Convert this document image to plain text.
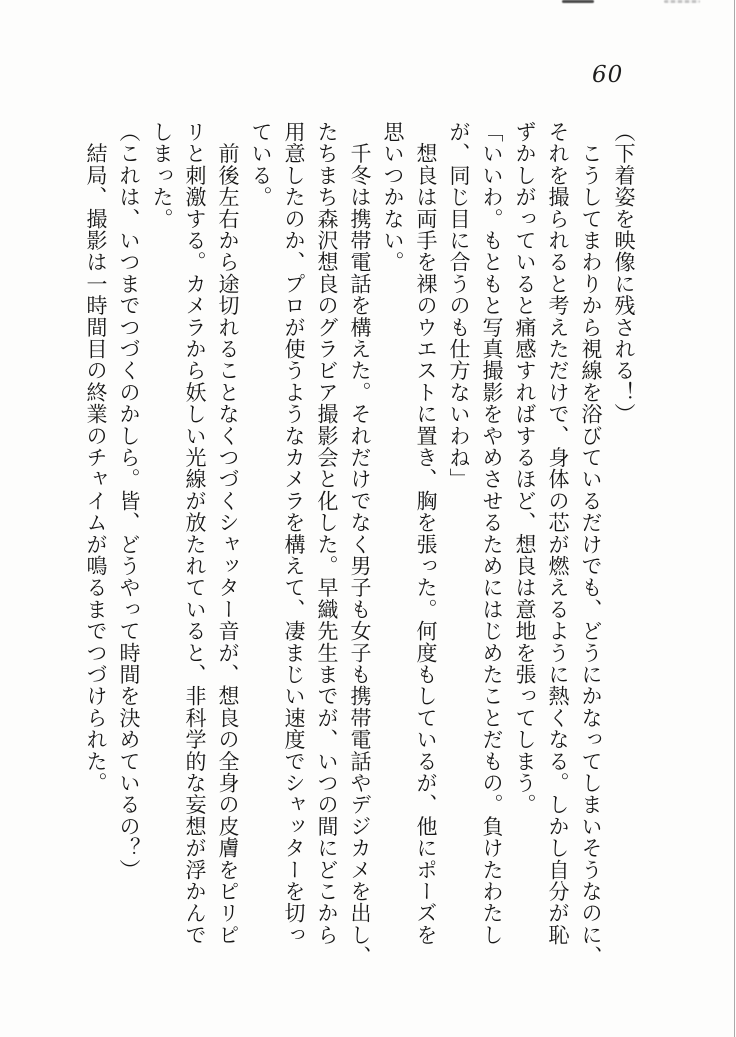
60
（下着姿を映像に残される！）
　こうしてまわりから視線を浴びているだけでも、どうにかなってしまいそうなのに、
それを撮られると考えただけで、身体の芯が燃えるように熱くなる。しかし自分が恥
ずかしがっていると痛感すればするほど、想良は意地を張ってしまう。
「いいわ。もともと写真撮影をやめさせるためにはじめたことだもの。負けたわたし
が、同じ目に合うのも仕方ないわね」
　想良は両手を裸のウエストに置き、胸を張った。何度もしているが、他にポーズを
思いつかない。
　千冬は携帯電話を構えた。それだけでなく男子も女子も携帯電話やデジカメを出し、
たちまち森沢想良のグラビア撮影会と化した。早織先生までが、いつの間にどこから
用意したのか、プロが使うようなカメラを構えて、凄まじい速度でシャッターを切っ
ている。
　前後左右から途切れることなくつづくシャッター音が、想良の全身の皮膚をピリピ
リと刺激する。カメラから妖しい光線が放たれていると、非科学的な妄想が浮かんで
しまった。
（これは、いつまでつづくのかしら。皆、どうやって時間を決めているの？）
　結局、撮影は一時間目の終業のチャイムが鳴るまでつづけられた。
